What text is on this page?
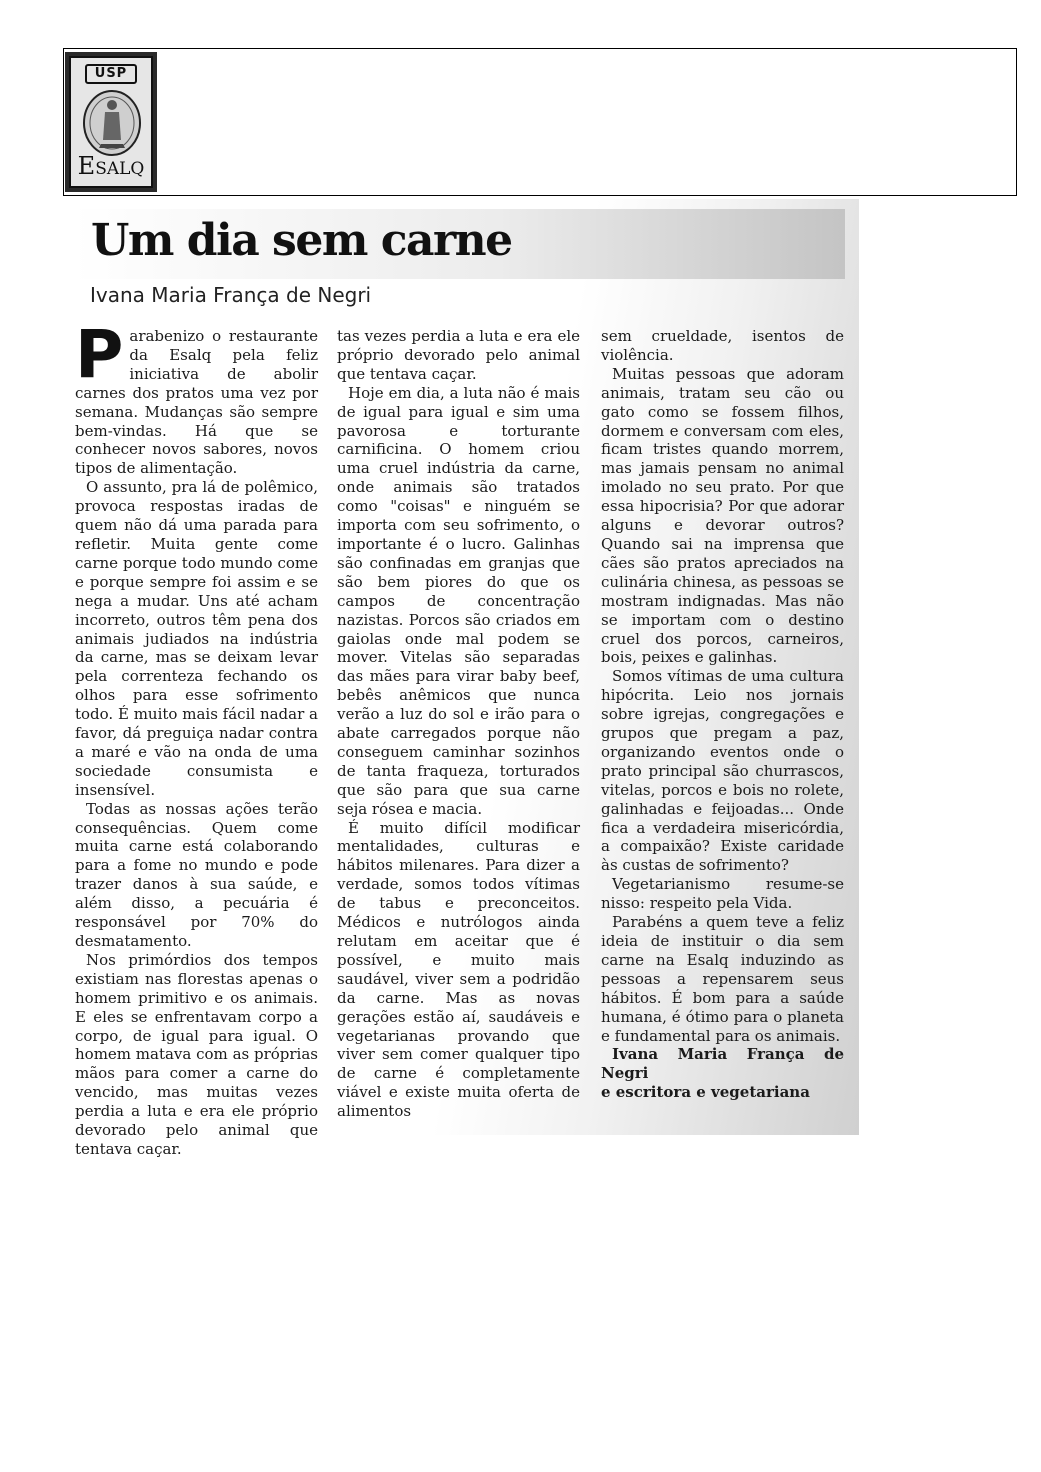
USP
ESALQ
Um dia sem carne
Ivana Maria França de Negri

Parabenizo o restaurante da Esalq pela feliz iniciativa de abolir carnes dos pratos uma vez por semana. Mudanças são sempre bem-vindas. Há que se conhecer novos sabores, novos tipos de alimentação.

O assunto, pra lá de polêmico, provoca respostas iradas de quem não dá uma parada para refletir. Muita gente come carne porque todo mundo come e porque sempre foi assim e se nega a mudar. Uns até acham incorreto, outros têm pena dos animais judiados na indústria da carne, mas se deixam levar pela correnteza fechando os olhos para esse sofrimento todo. É muito mais fácil nadar a favor, dá preguiça nadar contra a maré e vão na onda de uma sociedade consumista e insensível.

Todas as nossas ações terão consequências. Quem come muita carne está colaborando para a fome no mundo e pode trazer danos à sua saúde, e além disso, a pecuária é responsável por 70% do desmatamento.

Nos primórdios dos tempos existiam nas florestas apenas o homem primitivo e os animais. E eles se enfrentavam corpo a corpo, de igual para igual. O homem matava com as próprias mãos para comer a carne do vencido, mas muitas vezes perdia a luta e era ele próprio devorado pelo animal que tentava caçar.

tas vezes perdia a luta e era ele próprio devorado pelo animal que tentava caçar.

Hoje em dia, a luta não é mais de igual para igual e sim uma pavorosa e torturante carnificina. O homem criou uma cruel indústria da carne, onde animais são tratados como "coisas" e ninguém se importa com seu sofrimento, o importante é o lucro. Galinhas são confinadas em granjas que são bem piores do que os campos de concentração nazistas. Porcos são criados em gaiolas onde mal podem se mover. Vitelas são separadas das mães para virar baby beef, bebês anêmicos que nunca verão a luz do sol e irão para o abate carregados porque não conseguem caminhar sozinhos de tanta fraqueza, torturados que são para que sua carne seja rósea e macia.

É muito difícil modificar mentalidades, culturas e hábitos milenares. Para dizer a verdade, somos todos vítimas de tabus e preconceitos. Médicos e nutrólogos ainda relutam em aceitar que é possível, e muito mais saudável, viver sem a podridão da carne. Mas as novas gerações estão aí, saudáveis e vegetarianas provando que viver sem comer qualquer tipo de carne é completamente viável e existe muita oferta de alimentos

sem crueldade, isentos de violência.

Muitas pessoas que adoram animais, tratam seu cão ou gato como se fossem filhos, dormem e conversam com eles, ficam tristes quando morrem, mas jamais pensam no animal imolado no seu prato. Por que essa hipocrisia? Por que adorar alguns e devorar outros? Quando sai na imprensa que cães são pratos apreciados na culinária chinesa, as pessoas se mostram indignadas. Mas não se importam com o destino cruel dos porcos, carneiros, bois, peixes e galinhas.

Somos vítimas de uma cultura hipócrita. Leio nos jornais sobre igrejas, congregações e grupos que pregam a paz, organizando eventos onde o prato principal são churrascos, vitelas, porcos e bois no rolete, galinhadas e feijoadas... Onde fica a verdadeira misericórdia, a compaixão? Existe caridade às custas de sofrimento?

Vegetarianismo resume-se nisso: respeito pela Vida.

Parabéns a quem teve a feliz ideia de instituir o dia sem carne na Esalq induzindo as pessoas a repensarem seus hábitos. É bom para a saúde humana, é ótimo para o planeta e fundamental para os animais.

Ivana Maria França de Negri
e escritora e vegetariana
